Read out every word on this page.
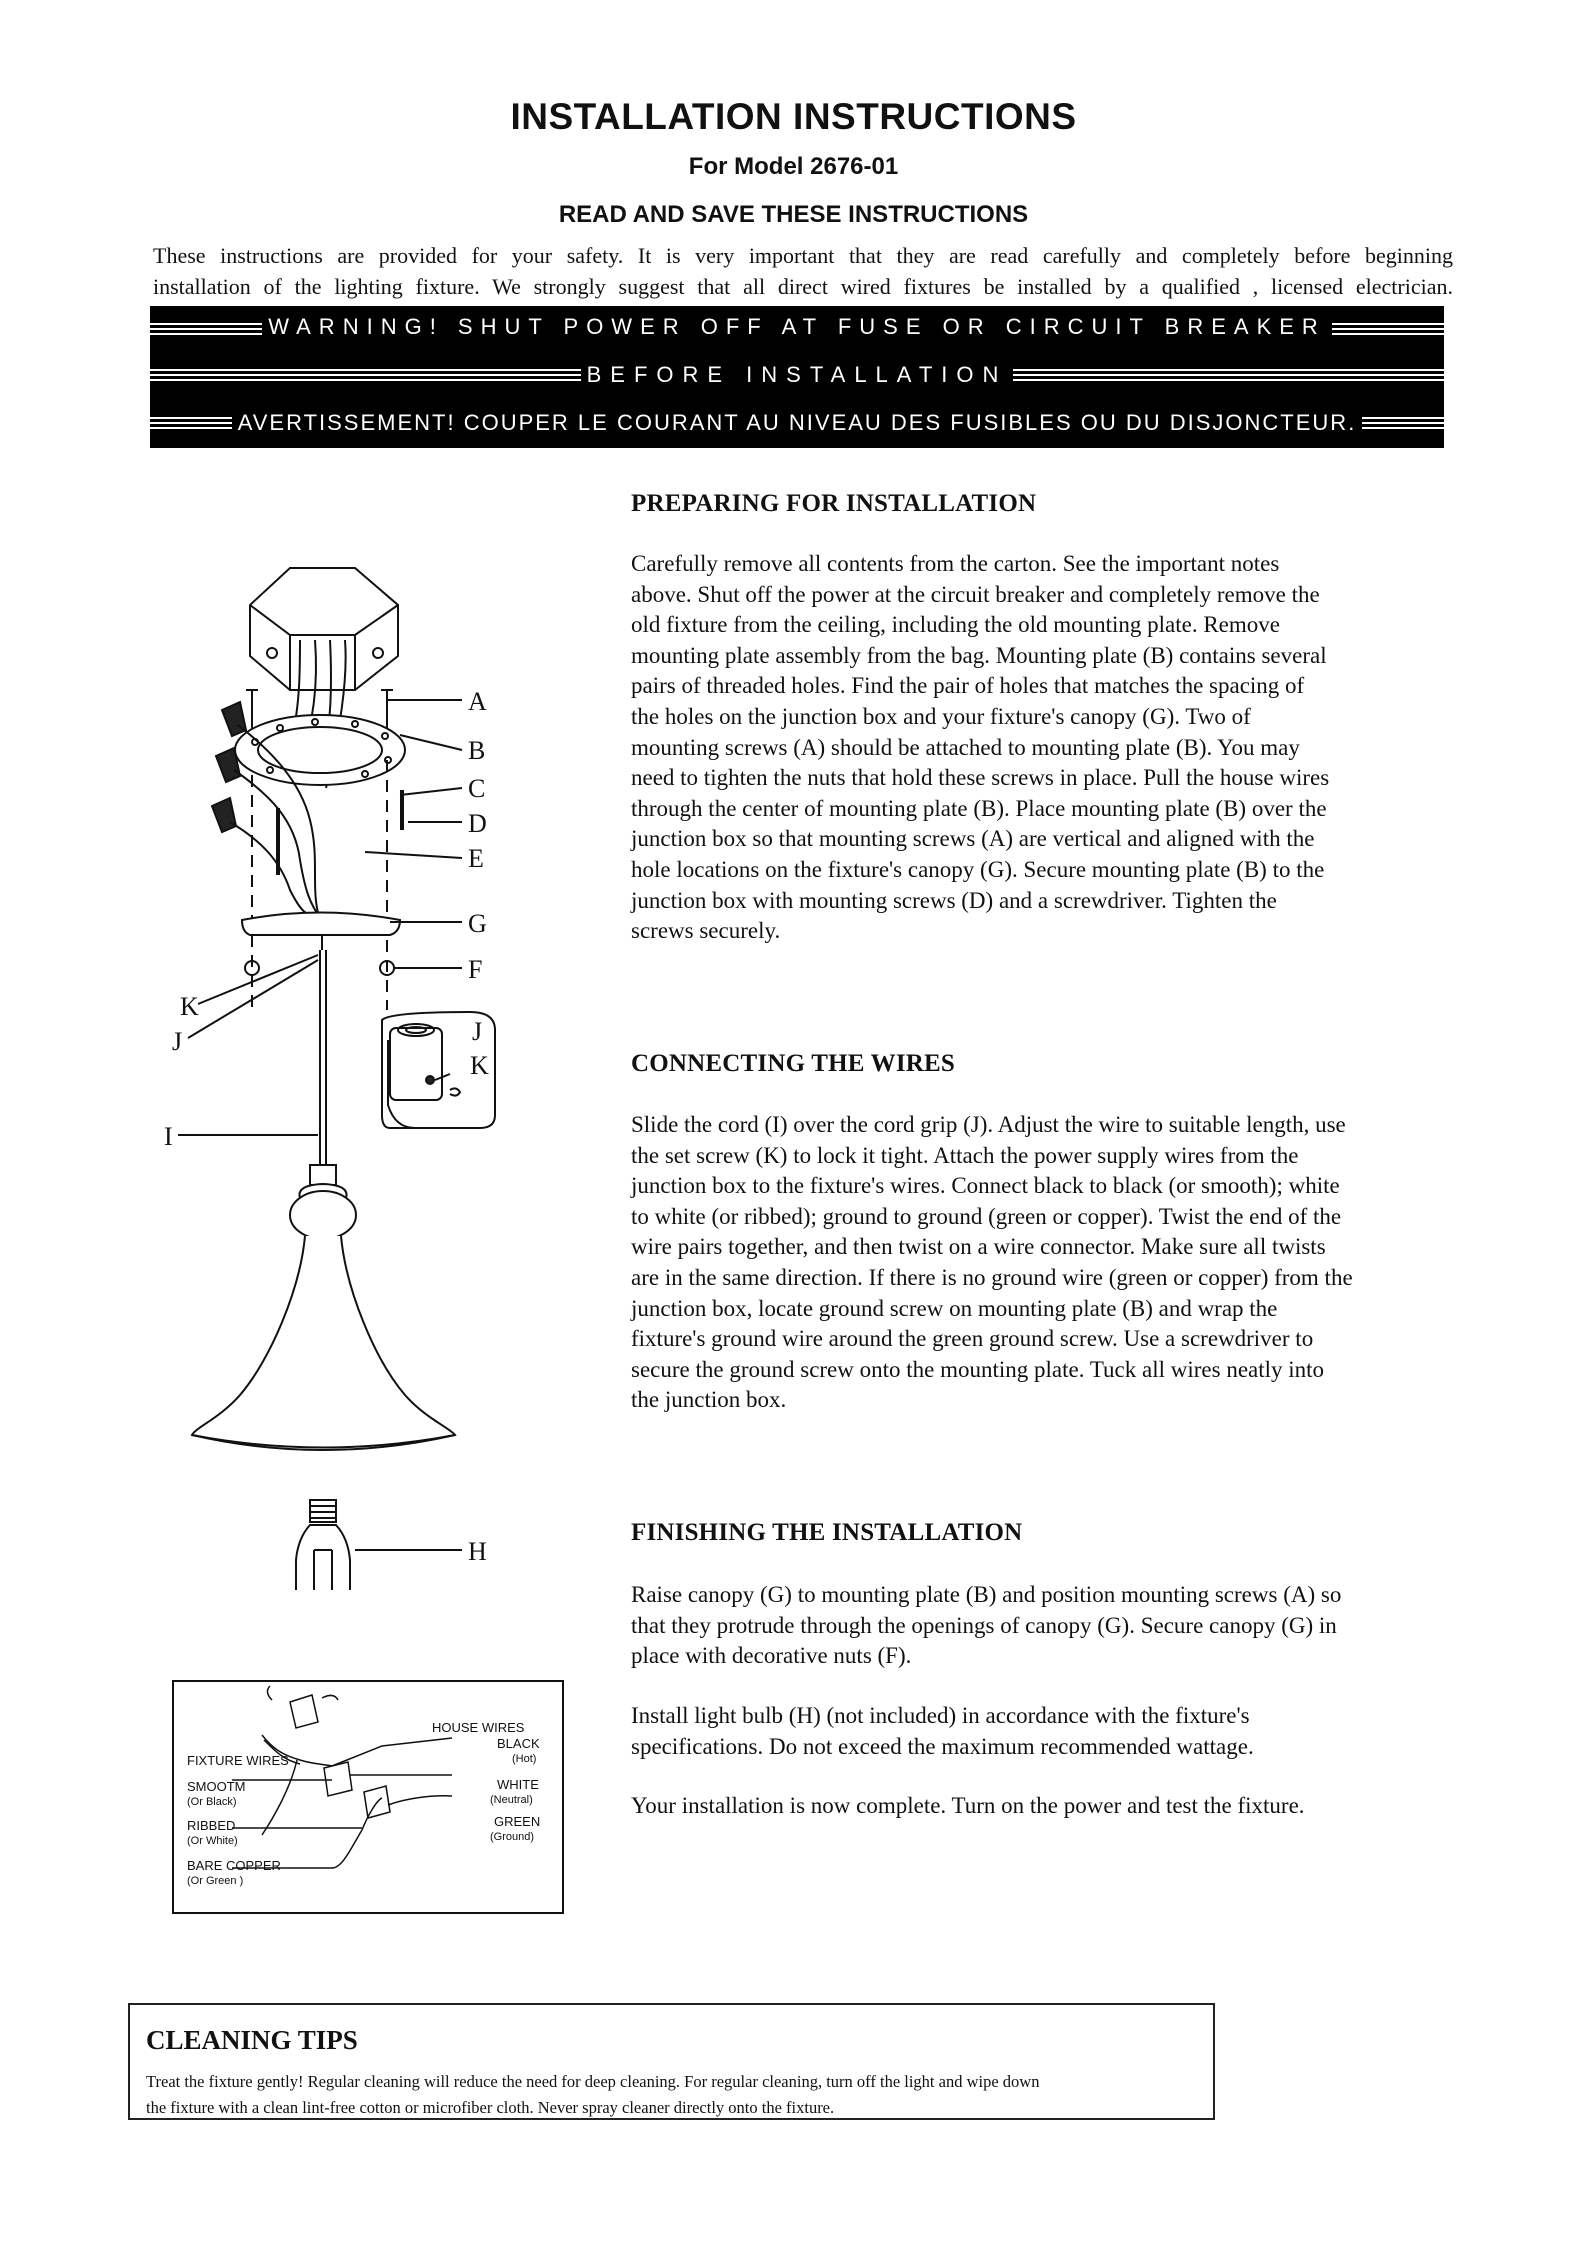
INSTALLATION INSTRUCTIONS
For Model 2676-01
READ AND SAVE THESE INSTRUCTIONS
These instructions are provided for your safety. It is very important that they are read carefully and completely before beginning
installation of the lighting fixture. We strongly suggest that all direct wired fixtures be installed by a qualified , licensed electrician.
WARNING! SHUT POWER OFF AT FUSE OR CIRCUIT BREAKER
BEFORE INSTALLATION
AVERTISSEMENT! COUPER LE COURANT AU NIVEAU DES FUSIBLES OU DU DISJONCTEUR.
PREPARING FOR INSTALLATION
Carefully remove all contents from the carton. See the important notes
above. Shut off the power at the circuit breaker and completely remove the
old fixture from the ceiling, including the old mounting plate. Remove
mounting plate assembly from the bag. Mounting plate (B) contains several
pairs of threaded holes. Find the pair of holes that matches the spacing of
the holes on the junction box and your fixture's canopy (G). Two of
mounting screws (A) should be attached to mounting plate (B). You may
need to tighten the nuts that hold these screws in place. Pull the house wires
through the center of mounting plate (B). Place mounting plate (B) over the
junction box so that mounting screws (A) are vertical and aligned with the
hole locations on the fixture's canopy (G). Secure mounting plate (B) to the
junction box with mounting screws (D) and a screwdriver. Tighten the
screws securely.
CONNECTING THE WIRES
Slide the cord (I) over the cord grip (J). Adjust the wire to suitable length, use
the set screw (K) to lock it tight. Attach the power supply wires from the
junction box to the fixture's wires. Connect black to black (or smooth); white
to white (or ribbed); ground to ground (green or copper). Twist the end of the
wire pairs together, and then twist on a wire connector. Make sure all twists
are in the same direction. If there is no ground wire (green or copper) from the
junction box, locate ground screw on mounting plate (B) and wrap the
fixture's ground wire around the green ground screw. Use a screwdriver to
secure the ground screw onto the mounting plate. Tuck all wires neatly into
the junction box.
FINISHING THE INSTALLATION
Raise canopy (G) to mounting plate (B) and position mounting screws (A) so
that they protrude through the openings of canopy (G). Secure canopy (G) in
place with decorative nuts (F).
Install light bulb (H) (not included) in accordance with the fixture's
specifications. Do not exceed the maximum recommended wattage.
Your installation is now complete. Turn on the power and test the fixture.
A
B
C
D
E
G
F
K
J	J
K
I
H
FIXTURE WIRES
HOUSE WIRES
SMOOTM
(Or Black)
RIBBED
(Or White)
BARE COPPER
(Or Green )
BLACK
(Hot)
WHITE
(Neutral)
GREEN
(Ground)
CLEANING TIPS
Treat the fixture gently! Regular cleaning will reduce the need for deep cleaning. For regular cleaning, turn off the light and wipe down
the fixture with a clean lint-free cotton or microfiber cloth. Never spray cleaner directly onto the fixture.
